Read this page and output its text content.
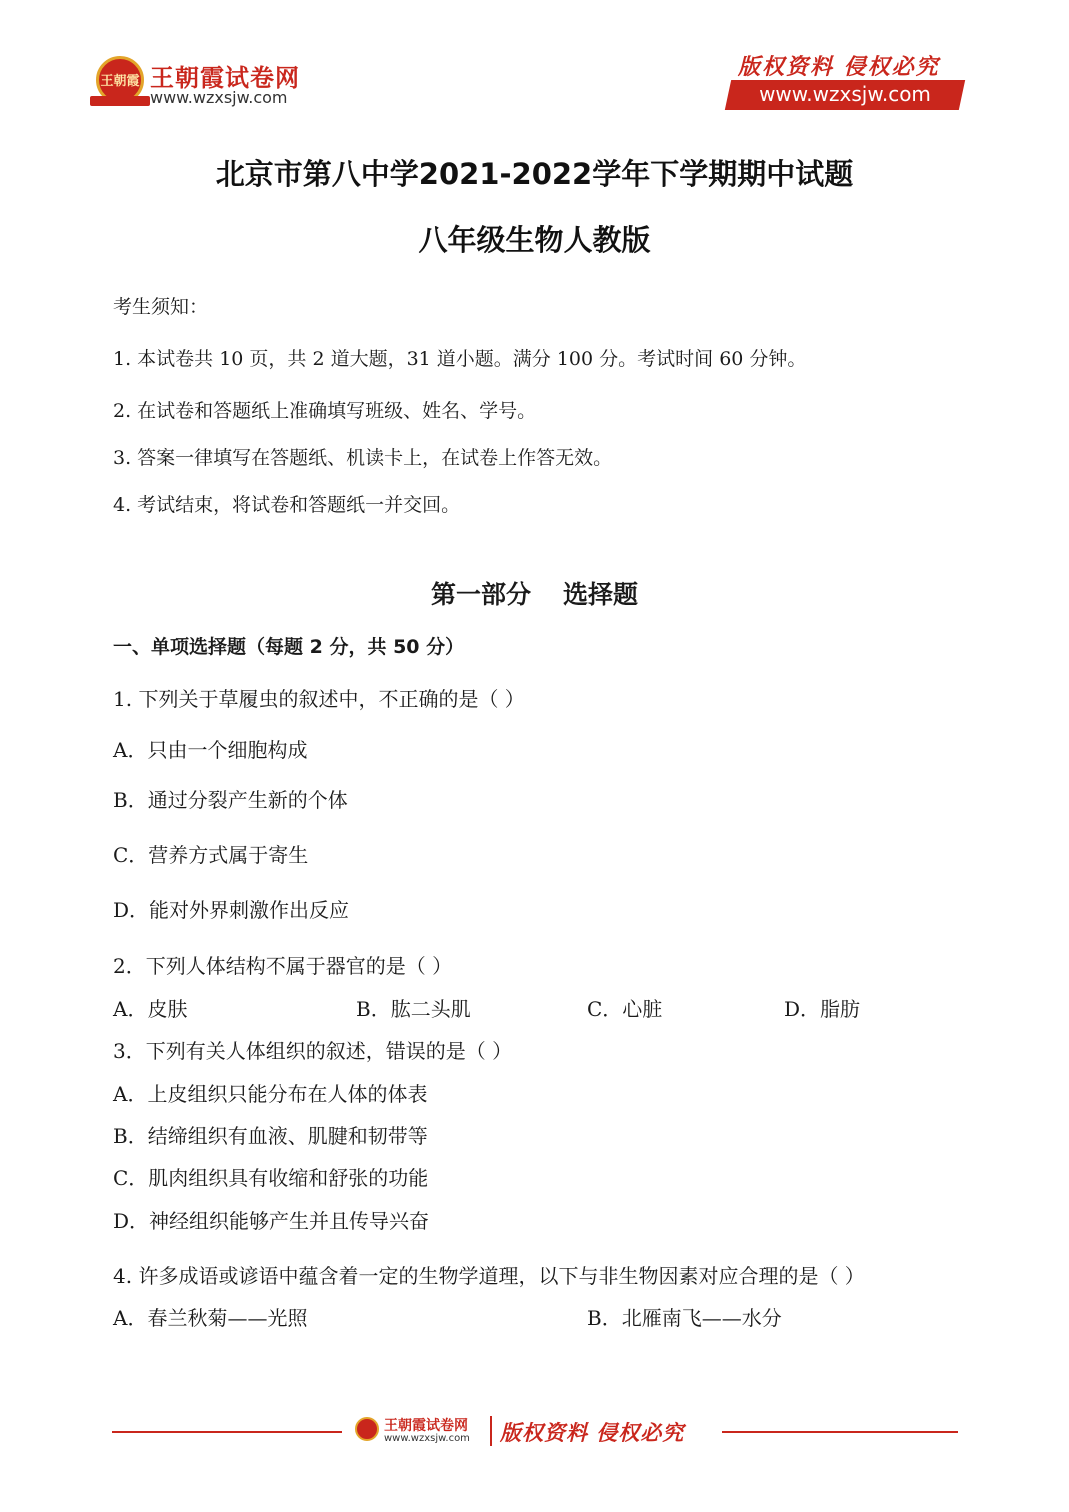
王朝霞 王朝霞试卷网
www.wzxsjw.com
版权资料 侵权必究
www.wzxsjw.com
北京市第八中学2021-2022学年下学期期中试题
八年级生物人教版
考生须知：
1. 本试卷共 10 页，共 2 道大题，31 道小题。满分 100 分。考试时间 60 分钟。
2. 在试卷和答题纸上准确填写班级、姓名、学号。
3. 答案一律填写在答题纸、机读卡上，在试卷上作答无效。
4. 考试结束，将试卷和答题纸一并交回。
第一部分 选择题
一、单项选择题（每题 2 分，共 50 分）
1. 下列关于草履虫的叙述中，不正确的是（ ）
A．只由一个细胞构成
B．通过分裂产生新的个体
C．营养方式属于寄生
D．能对外界刺激作出反应
2．下列人体结构不属于器官的是（ ）
A．皮肤	B．肱二头肌	C．心脏	D．脂肪
3．下列有关人体组织的叙述，错误的是（ ）
A．上皮组织只能分布在人体的体表
B．结缔组织有血液、肌腱和韧带等
C．肌肉组织具有收缩和舒张的功能
D．神经组织能够产生并且传导兴奋
4. 许多成语或谚语中蕴含着一定的生物学道理，以下与非生物因素对应合理的是（ ）
A．春兰秋菊——光照	B．北雁南飞——水分
王朝霞试卷网
www.wzxsjw.com 版权资料 侵权必究
